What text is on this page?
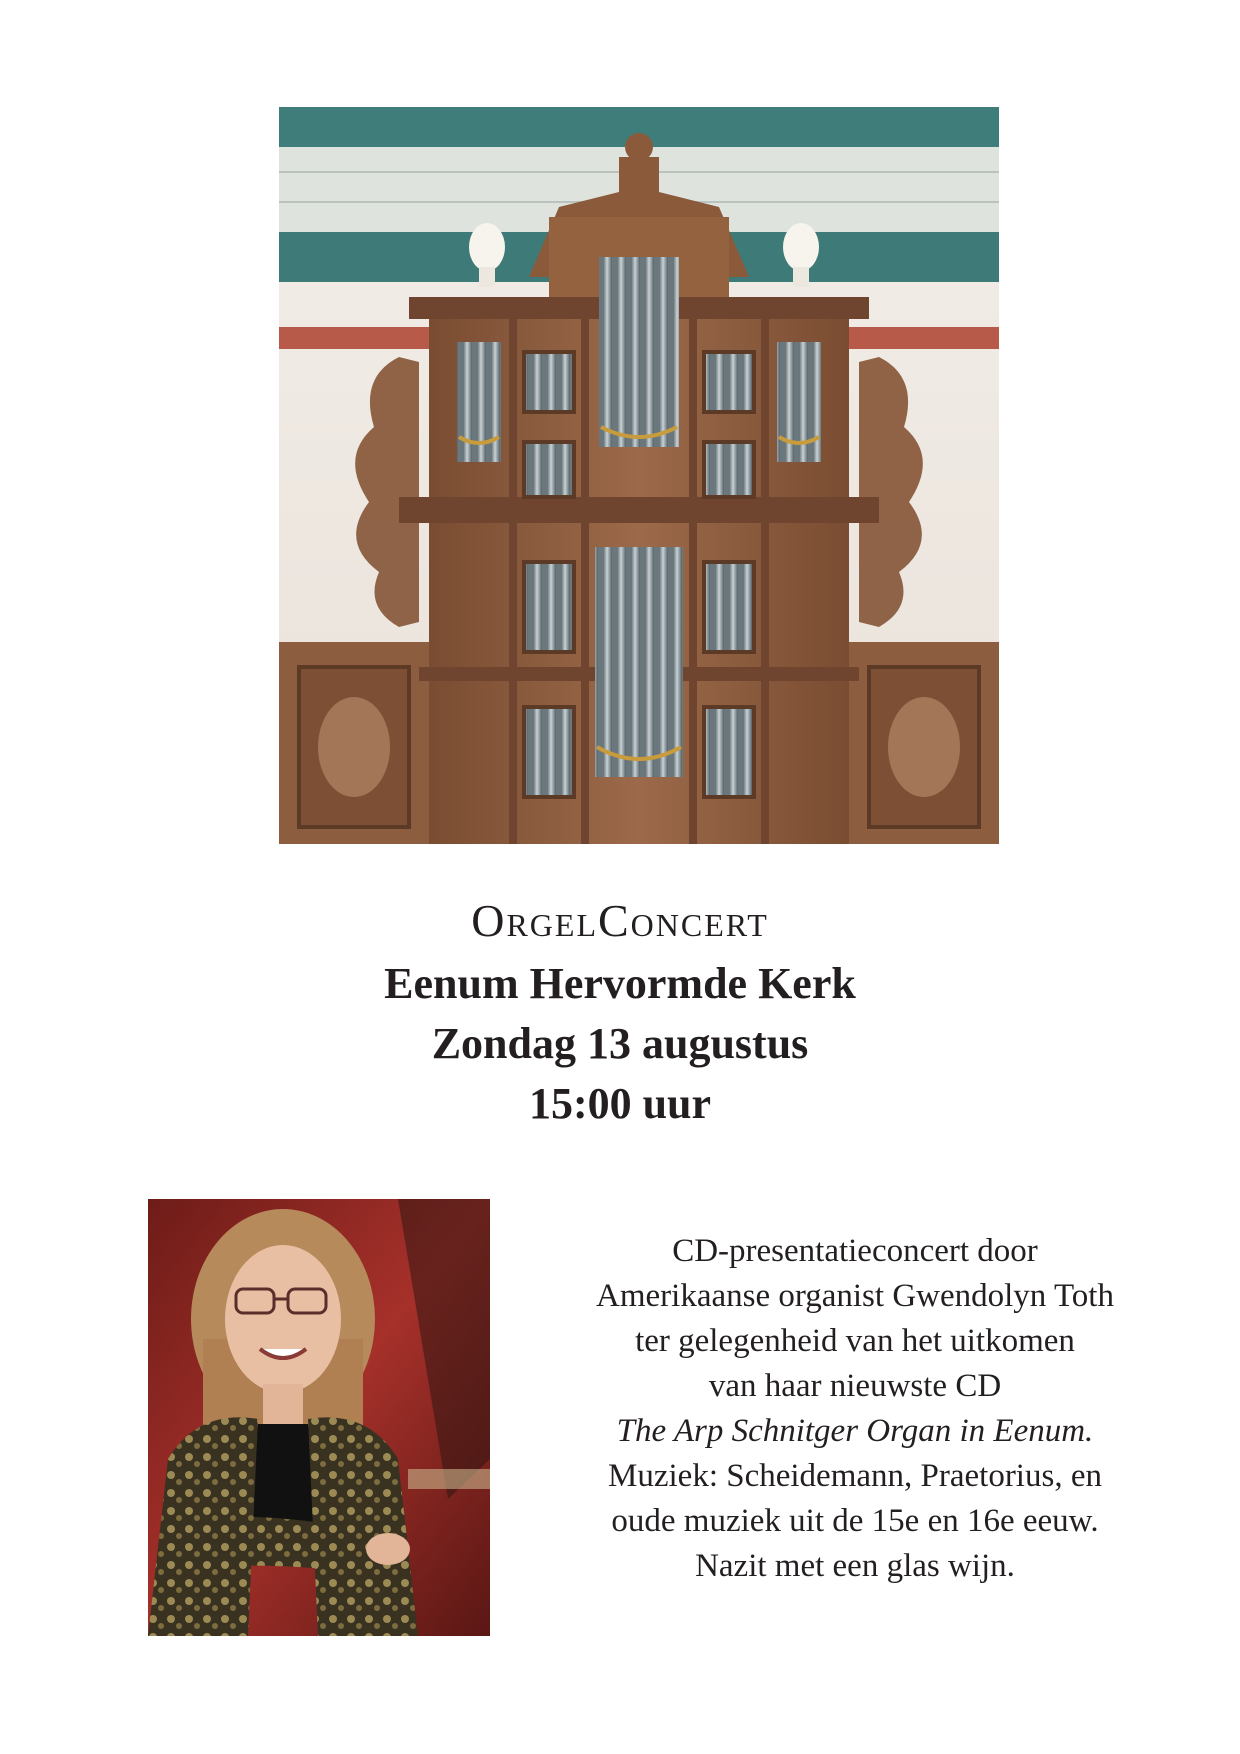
OrgelConcert
Eenum Hervormde Kerk
Zondag 13 augustus
15:00 uur
CD-presentatieconcert door
Amerikaanse organist Gwendolyn Toth
ter gelegenheid van het uitkomen
van haar nieuwste CD
The Arp Schnitger Organ in Eenum.
Muziek: Scheidemann, Praetorius, en
oude muziek uit de 15e en 16e eeuw.
Nazit met een glas wijn.
